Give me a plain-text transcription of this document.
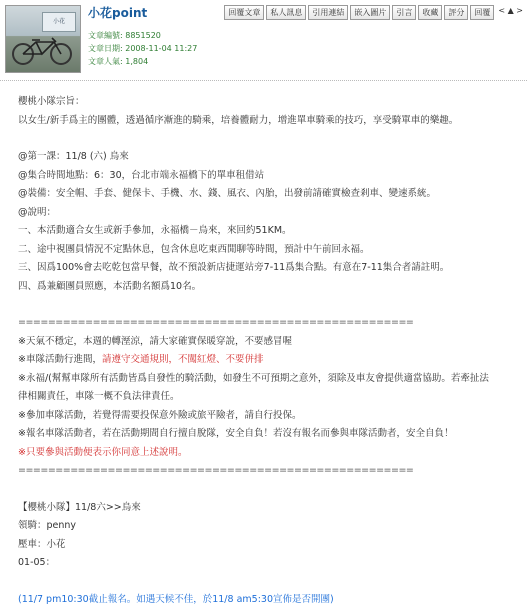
小花
小花point
文章編號: 8851520
文章日期: 2008-11-04 11:27
文章人氣: 1,804
回覆文章	私人訊息	引用連結	嵌入圖片	引言	收藏	評分	回覆	< ▲ >

櫻桃小隊宗旨：

以女生/新手爲主的團體，透過循序漸進的騎乘，培養體耐力，增進單車騎乘的技巧，享受騎單車的樂趣。

@第一課：11/8 (六) 烏來

@集合時間地點：6：30，台北市端永福橋下的單車租借站

@裝備：安全帽、手套、健保卡、手機、水、錢、風衣、內胎，出發前請確實檢查剎車、變速系統。

@說明：

一、本活動適合女生或新手參加，永福橋－烏來，來回約51KM。

二、途中視團員情況不定點休息，包含休息吃東西閒聊等時間，預計中午前回永福。

三、因爲100%會去吃乾包當早餐，故不預設新店捷運站旁7-11爲集合點。有意在7-11集合者請註明。

四、爲兼顧團員照應，本活動名額爲10名。

=====================================================

※天氣不穩定，本週的轉溼涼，請大家確實保暖穿說，不要感冒喔

※車隊活動行進間，請遵守交通規則，不闖紅燈、不要併排

※永福/(幫幫車隊所有活動皆爲自發性的騎活動，如發生不可預期之意外，須除及車友會提供適當協助。若牽扯法

律相關責任，車隊一概不負法律責任。

※參加車隊活動，若覺得需要投保意外險或旅平險者，請自行投保。

※報名車隊活動者，若在活動期間自行擅自脫隊，安全自負！若沒有報名而參與車隊活動者，安全自負！

※只要參與活動便表示你同意上述說明。

=====================================================

【櫻桃小隊】11/8六>>烏來

領騎：penny

壓車：小花

01-05：

(11/7 pm10:30截止報名。如遇天候不佳，於11/8 am5:30宣佈是否開團)
